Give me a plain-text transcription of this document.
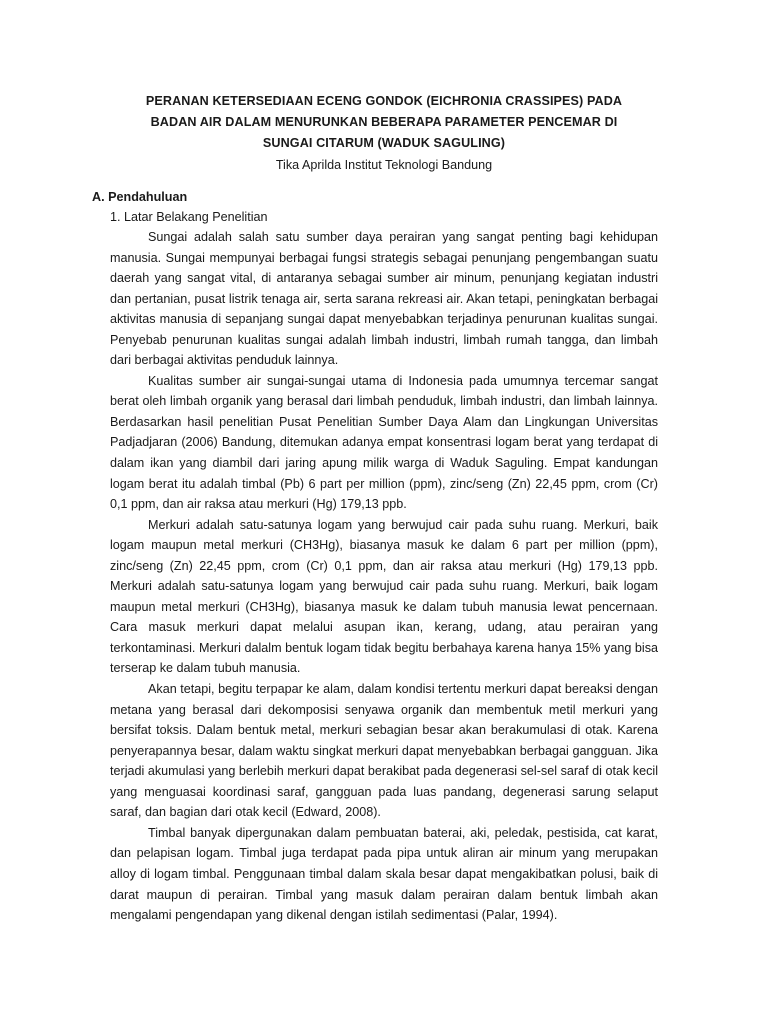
PERANAN KETERSEDIAAN ECENG GONDOK (EICHRONIA CRASSIPES) PADA
BADAN AIR DALAM MENURUNKAN BEBERAPA PARAMETER PENCEMAR DI
SUNGAI CITARUM (WADUK SAGULING)
Tika Aprilda Institut Teknologi Bandung
A. Pendahuluan
1. Latar Belakang Penelitian

Sungai adalah salah satu sumber daya perairan yang sangat penting bagi kehidupan manusia. Sungai mempunyai berbagai fungsi strategis sebagai penunjang pengembangan suatu daerah yang sangat vital, di antaranya sebagai sumber air minum, penunjang kegiatan industri dan pertanian, pusat listrik tenaga air, serta sarana rekreasi air. Akan tetapi, peningkatan berbagai aktivitas manusia di sepanjang sungai dapat menyebabkan terjadinya penurunan kualitas sungai. Penyebab penurunan kualitas sungai adalah limbah industri, limbah rumah tangga, dan limbah dari berbagai aktivitas penduduk lainnya.

Kualitas sumber air sungai-sungai utama di Indonesia pada umumnya tercemar sangat berat oleh limbah organik yang berasal dari limbah penduduk, limbah industri, dan limbah lainnya. Berdasarkan hasil penelitian Pusat Penelitian Sumber Daya Alam dan Lingkungan Universitas Padjadjaran (2006) Bandung, ditemukan adanya empat konsentrasi logam berat yang terdapat di dalam ikan yang diambil dari jaring apung milik warga di Waduk Saguling. Empat kandungan logam berat itu adalah timbal (Pb) 6 part per million (ppm), zinc/seng (Zn) 22,45 ppm, crom (Cr) 0,1 ppm, dan air raksa atau merkuri (Hg) 179,13 ppb.

Merkuri adalah satu-satunya logam yang berwujud cair pada suhu ruang. Merkuri, baik logam maupun metal merkuri (CH3Hg), biasanya masuk ke dalam 6 part per million (ppm), zinc/seng (Zn) 22,45 ppm, crom (Cr) 0,1 ppm, dan air raksa atau merkuri (Hg) 179,13 ppb. Merkuri adalah satu-satunya logam yang berwujud cair pada suhu ruang. Merkuri, baik logam maupun metal merkuri (CH3Hg), biasanya masuk ke dalam tubuh manusia lewat pencernaan. Cara masuk merkuri dapat melalui asupan ikan, kerang, udang, atau perairan yang terkontaminasi. Merkuri dalalm bentuk logam tidak begitu berbahaya karena hanya 15% yang bisa terserap ke dalam tubuh manusia.

Akan tetapi, begitu terpapar ke alam, dalam kondisi tertentu merkuri dapat bereaksi dengan metana yang berasal dari dekomposisi senyawa organik dan membentuk metil merkuri yang bersifat toksis. Dalam bentuk metal, merkuri sebagian besar akan berakumulasi di otak. Karena penyerapannya besar, dalam waktu singkat merkuri dapat menyebabkan berbagai gangguan. Jika terjadi akumulasi yang berlebih merkuri dapat berakibat pada degenerasi sel-sel saraf di otak kecil yang menguasai koordinasi saraf, gangguan pada luas pandang, degenerasi sarung selaput saraf, dan bagian dari otak kecil (Edward, 2008).

Timbal banyak dipergunakan dalam pembuatan baterai, aki, peledak, pestisida, cat karat, dan pelapisan logam. Timbal juga terdapat pada pipa untuk aliran air minum yang merupakan alloy di logam timbal. Penggunaan timbal dalam skala besar dapat mengakibatkan polusi, baik di darat maupun di perairan. Timbal yang masuk dalam perairan dalam bentuk limbah akan mengalami pengendapan yang dikenal dengan istilah sedimentasi (Palar, 1994).
